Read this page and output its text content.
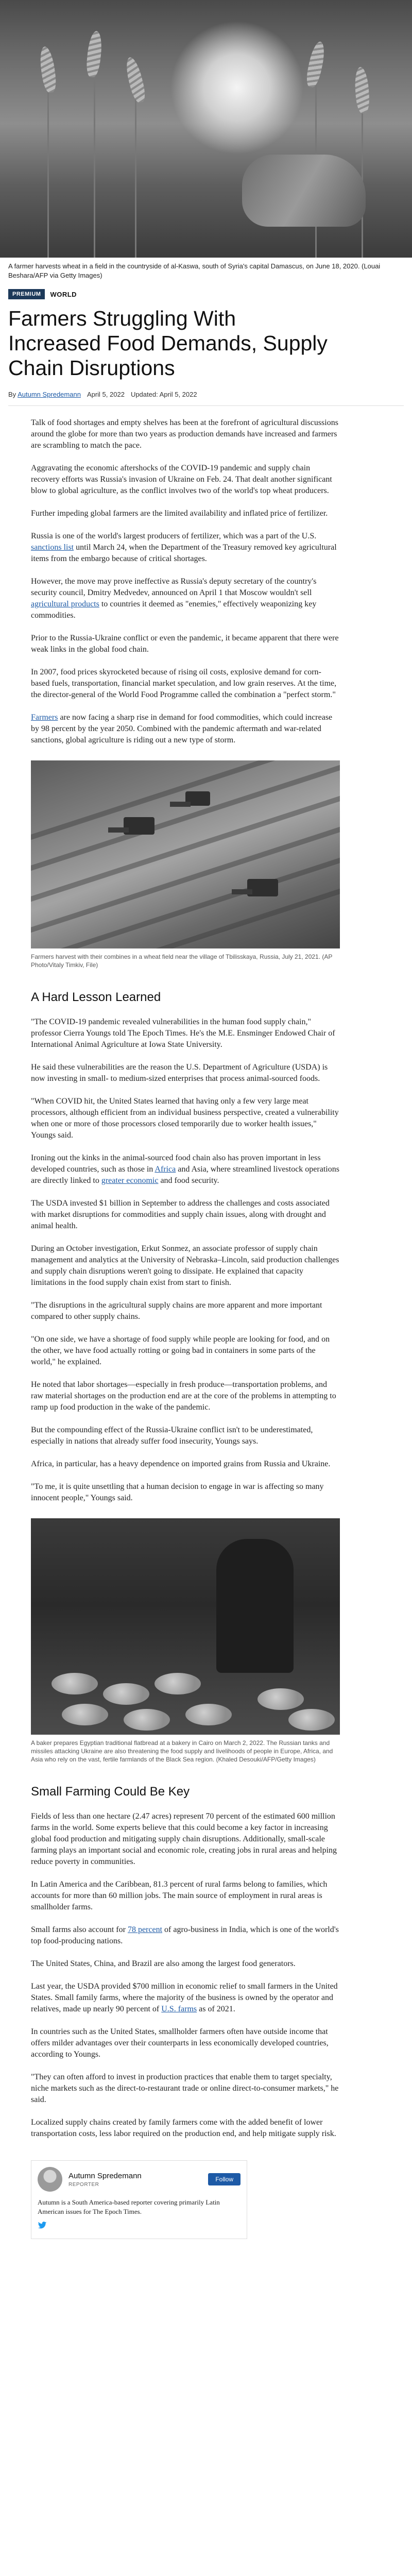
A farmer harvests wheat in a field in the countryside of al-Kaswa, south of Syria's capital Damascus, on June 18, 2020. (Louai Beshara/AFP via Getty Images)
PREMIUM	WORLD
Farmers Struggling With Increased Food Demands, Supply Chain Disruptions
By Autumn Spredemann April 5, 2022 Updated: April 5, 2022

Talk of food shortages and empty shelves has been at the forefront of agricultural discussions around the globe for more than two years as production demands have increased and farmers are scrambling to match the pace.

Aggravating the economic aftershocks of the COVID-19 pandemic and supply chain recovery efforts was Russia's invasion of Ukraine on Feb. 24. That dealt another significant blow to global agriculture, as the conflict involves two of the world's top wheat producers.

Further impeding global farmers are the limited availability and inflated price of fertilizer.

Russia is one of the world's largest producers of fertilizer, which was a part of the U.S. sanctions list until March 24, when the Department of the Treasury removed key agricultural items from the embargo because of critical shortages.

However, the move may prove ineffective as Russia's deputy secretary of the country's security council, Dmitry Medvedev, announced on April 1 that Moscow wouldn't sell agricultural products to countries it deemed as "enemies," effectively weaponizing key commodities.

Prior to the Russia-Ukraine conflict or even the pandemic, it became apparent that there were weak links in the global food chain.

In 2007, food prices skyrocketed because of rising oil costs, explosive demand for corn-based fuels, transportation, financial market speculation, and low grain reserves. At the time, the director-general of the World Food Programme called the combination a "perfect storm."

Farmers are now facing a sharp rise in demand for food commodities, which could increase by 98 percent by the year 2050. Combined with the pandemic aftermath and war-related sanctions, global agriculture is riding out a new type of storm.

Farmers harvest with their combines in a wheat field near the village of Tbilisskaya, Russia, July 21, 2021. (AP Photo/Vitaly Timkiv, File)
A Hard Lesson Learned

"The COVID-19 pandemic revealed vulnerabilities in the human food supply chain," professor Cierra Youngs told The Epoch Times. He's the M.E. Ensminger Endowed Chair of International Animal Agriculture at Iowa State University.

He said these vulnerabilities are the reason the U.S. Department of Agriculture (USDA) is now investing in small- to medium-sized enterprises that process animal-sourced foods.

"When COVID hit, the United States learned that having only a few very large meat processors, although efficient from an individual business perspective, created a vulnerability when one or more of those processors closed temporarily due to worker health issues," Youngs said.

Ironing out the kinks in the animal-sourced food chain also has proven important in less developed countries, such as those in Africa and Asia, where streamlined livestock operations are directly linked to greater economic and food security.

The USDA invested $1 billion in September to address the challenges and costs associated with market disruptions for commodities and supply chain issues, along with drought and animal health.

During an October investigation, Erkut Sonmez, an associate professor of supply chain management and analytics at the University of Nebraska–Lincoln, said production challenges and supply chain disruptions weren't going to dissipate. He explained that capacity limitations in the food supply chain exist from start to finish.

"The disruptions in the agricultural supply chains are more apparent and more important compared to other supply chains.

"On one side, we have a shortage of food supply while people are looking for food, and on the other, we have food actually rotting or going bad in containers in some parts of the world," he explained.

He noted that labor shortages—especially in fresh produce—transportation problems, and raw material shortages on the production end are at the core of the problems in attempting to ramp up food production in the wake of the pandemic.

But the compounding effect of the Russia-Ukraine conflict isn't to be underestimated, especially in nations that already suffer food insecurity, Youngs says.

Africa, in particular, has a heavy dependence on imported grains from Russia and Ukraine.

"To me, it is quite unsettling that a human decision to engage in war is affecting so many innocent people," Youngs said.

A baker prepares Egyptian traditional flatbread at a bakery in Cairo on March 2, 2022. The Russian tanks and missiles attacking Ukraine are also threatening the food supply and livelihoods of people in Europe, Africa, and Asia who rely on the vast, fertile farmlands of the Black Sea region. (Khaled Desouki/AFP/Getty Images)
Small Farming Could Be Key

Fields of less than one hectare (2.47 acres) represent 70 percent of the estimated 600 million farms in the world. Some experts believe that this could become a key factor in increasing global food production and mitigating supply chain disruptions. Additionally, small-scale farming plays an important social and economic role, creating jobs in rural areas and helping reduce poverty in communities.

In Latin America and the Caribbean, 81.3 percent of rural farms belong to families, which accounts for more than 60 million jobs. The main source of employment in rural areas is smallholder farms.

Small farms also account for 78 percent of agro-business in India, which is one of the world's top food-producing nations.

The United States, China, and Brazil are also among the largest food generators.

Last year, the USDA provided $700 million in economic relief to small farmers in the United States. Small family farms, where the majority of the business is owned by the operator and relatives, made up nearly 90 percent of U.S. farms as of 2021.

In countries such as the United States, smallholder farmers often have outside income that offers milder advantages over their counterparts in less economically developed countries, according to Youngs.

"They can often afford to invest in production practices that enable them to target specialty, niche markets such as the direct-to-restaurant trade or online direct-to-consumer markets," he said.

Localized supply chains created by family farmers come with the added benefit of lower transportation costs, less labor required on the production end, and help mitigate supply risk.

Autumn Spredemann
REPORTER
Follow
Autumn is a South America-based reporter covering primarily Latin American issues for The Epoch Times.
